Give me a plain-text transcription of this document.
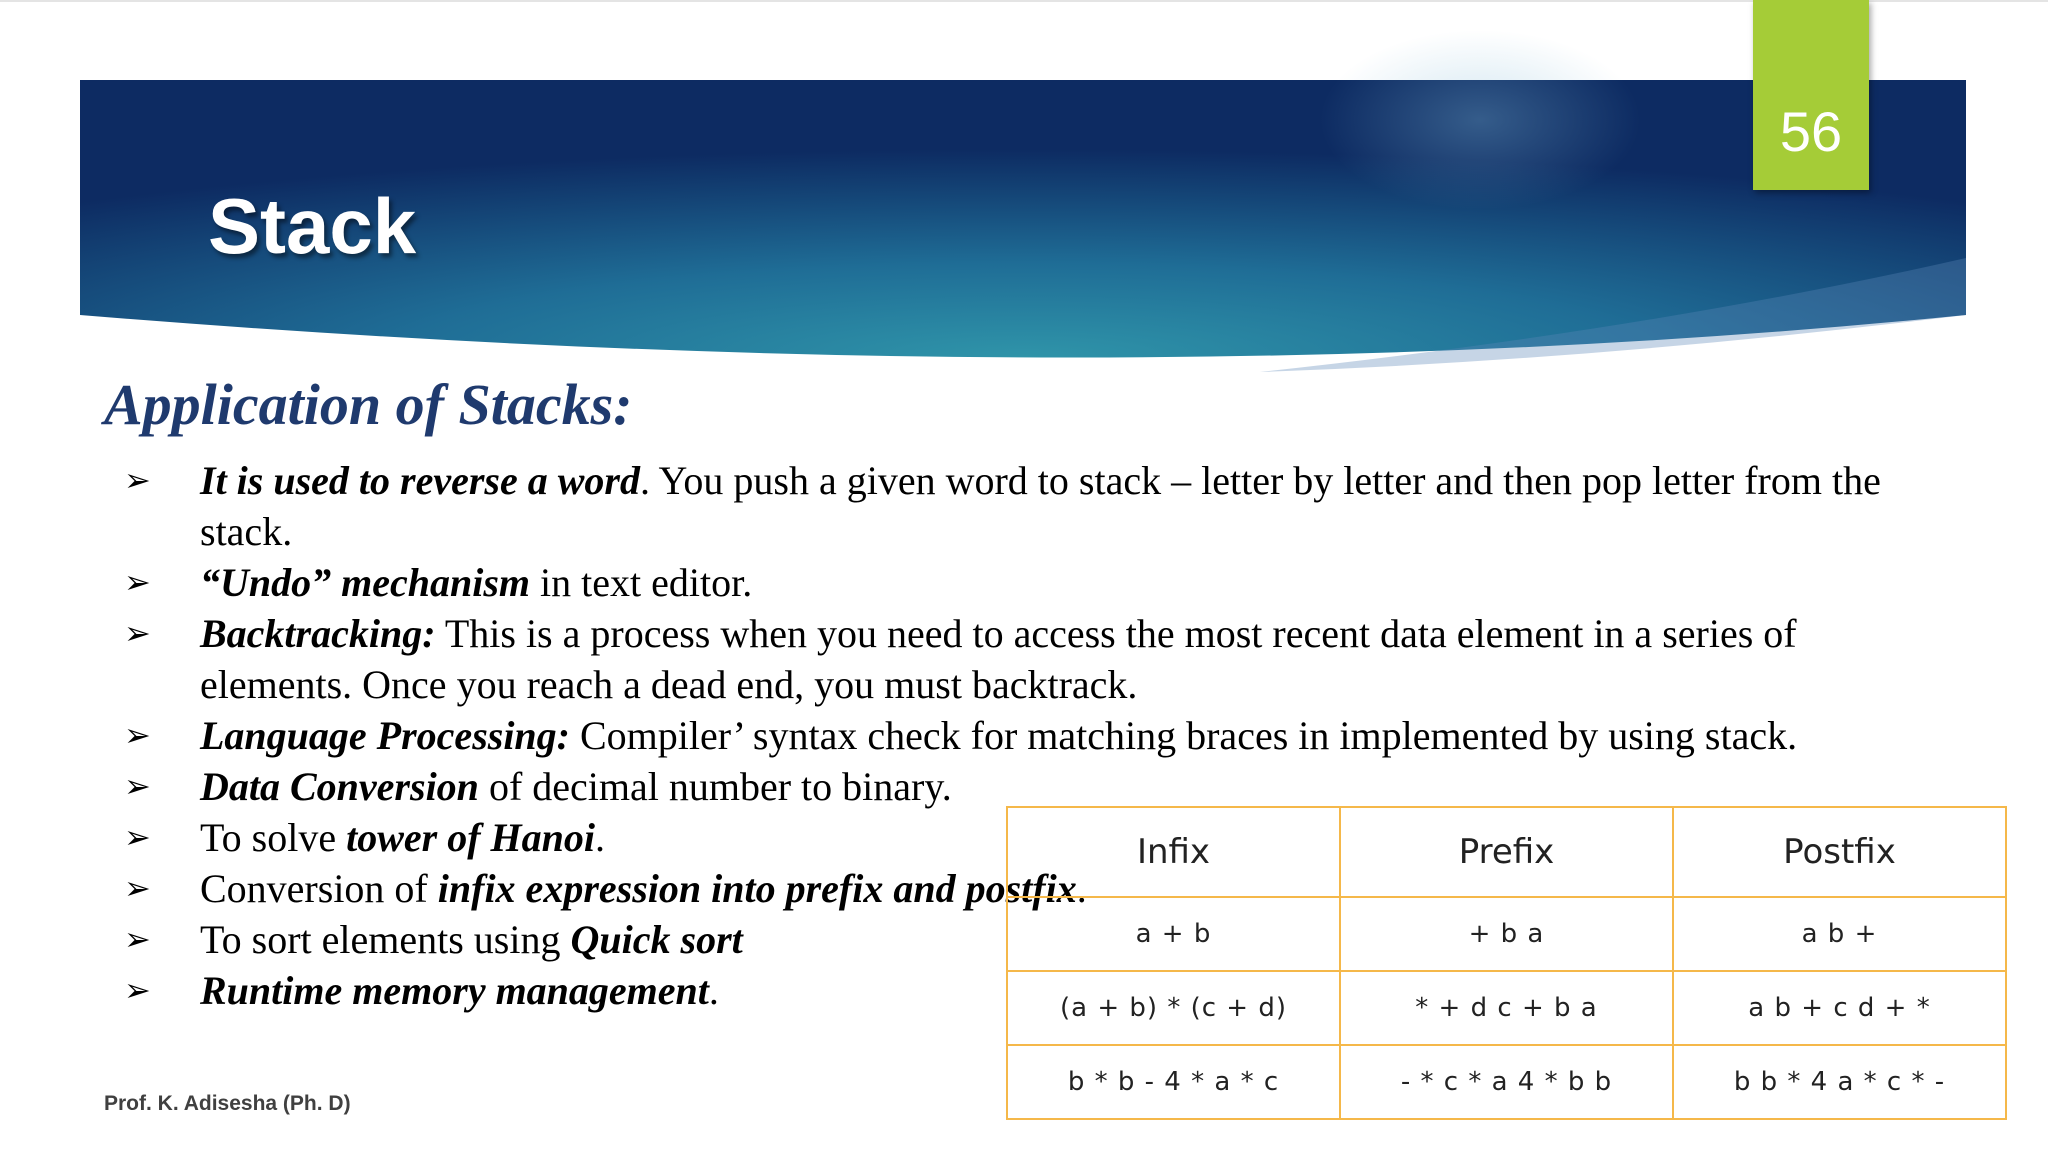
56
Stack
Application of Stacks:
➢ It is used to reverse a word. You push a given word to stack – letter by letter and then pop letter from the stack.
➢ “Undo” mechanism in text editor.
➢ Backtracking: This is a process when you need to access the most recent data element in a series of elements. Once you reach a dead end, you must backtrack.
➢ Language Processing: Compiler’ syntax check for matching braces in implemented by using stack.
➢ Data Conversion of decimal number to binary.
➢ To solve tower of Hanoi.
➢ Conversion of infix expression into prefix and postfix.
➢ To sort elements using Quick sort
➢ Runtime memory management.
Infix	Prefix	Postfix
a + b	+ b a	a b +
(a + b) * (c + d)	* + d c + b a	a b + c d + *
b * b - 4 * a * c	- * c * a 4 * b b	b b * 4 a * c * -
Prof. K. Adisesha (Ph. D)
